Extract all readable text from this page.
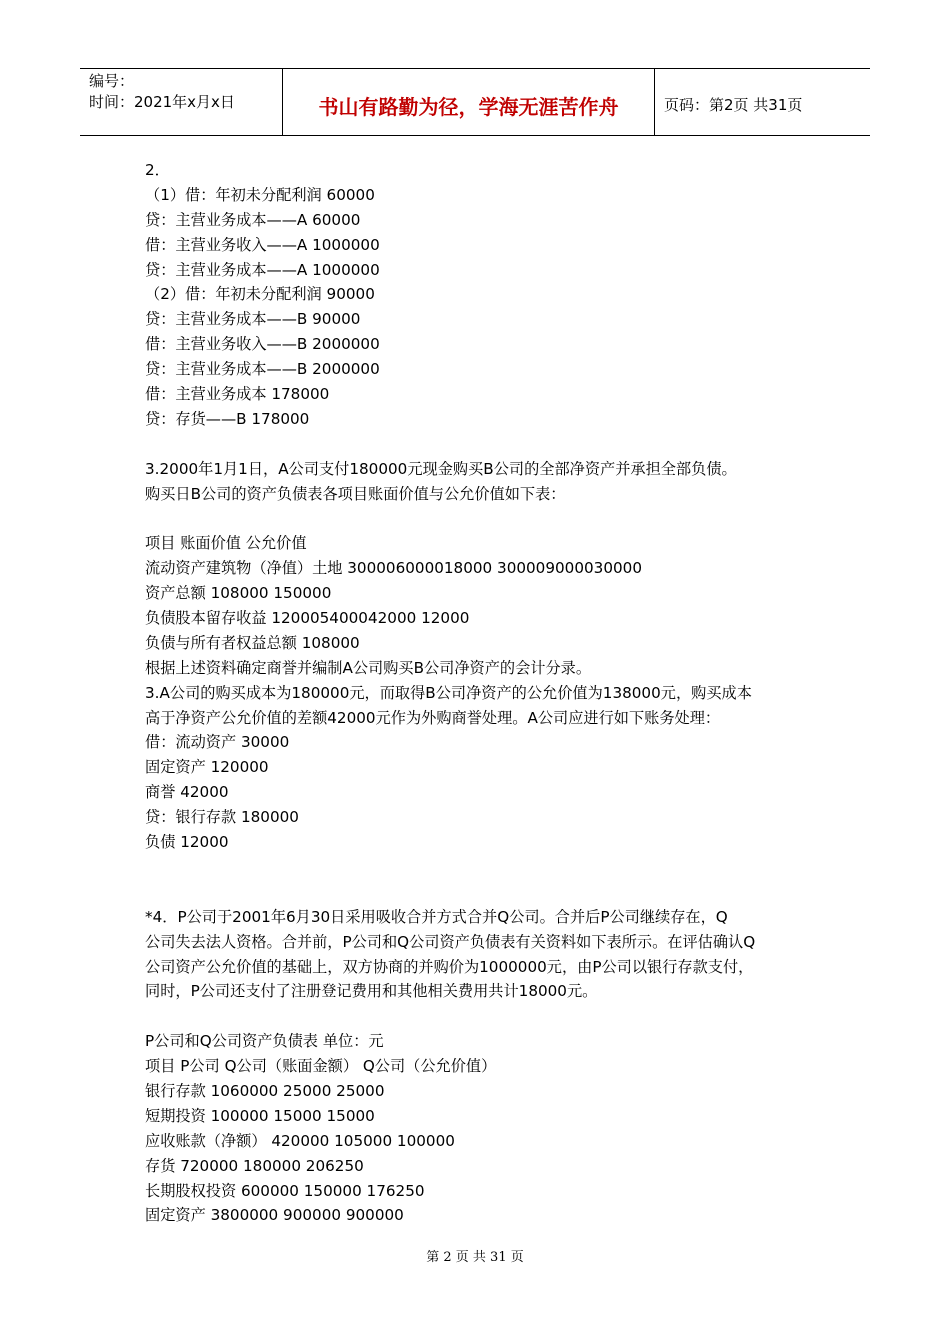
编号：
时间：2021年x月x日	书山有路勤为径，学海无涯苦作舟	页码：第2页 共31页
2．
（1）借：年初未分配利润 60000
贷：主营业务成本——A 60000
借：主营业务收入——A 1000000
贷：主营业务成本——A 1000000
（2）借：年初未分配利润 90000
贷：主营业务成本——B 90000
借：主营业务收入——B 2000000
贷：主营业务成本——B 2000000
借：主营业务成本 178000
贷：存货——B 178000
3.2000年1月1日，A公司支付180000元现金购买B公司的全部净资产并承担全部负债。
购买日B公司的资产负债表各项目账面价值与公允价值如下表：
项目 账面价值 公允价值
流动资产建筑物（净值）土地 300006000018000 300009000030000
资产总额 108000 150000
负债股本留存收益 120005400042000 12000
负债与所有者权益总额 108000
根据上述资料确定商誉并编制A公司购买B公司净资产的会计分录。
3.A公司的购买成本为180000元，而取得B公司净资产的公允价值为138000元，购买成本
高于净资产公允价值的差额42000元作为外购商誉处理。A公司应进行如下账务处理：
借：流动资产 30000
固定资产 120000
商誉 42000
贷：银行存款 180000
负债 12000
*4．P公司于2001年6月30日采用吸收合并方式合并Q公司。合并后P公司继续存在，Q
公司失去法人资格。合并前，P公司和Q公司资产负债表有关资料如下表所示。在评估确认Q
公司资产公允价值的基础上，双方协商的并购价为1000000元，由P公司以银行存款支付，
同时，P公司还支付了注册登记费用和其他相关费用共计18000元。
P公司和Q公司资产负债表 单位：元
项目 P公司 Q公司（账面金额） Q公司（公允价值）
银行存款 1060000 25000 25000
短期投资 100000 15000 15000
应收账款（净额） 420000 105000 100000
存货 720000 180000 206250
长期股权投资 600000 150000 176250
固定资产 3800000 900000 900000
第 2 页 共 31 页
